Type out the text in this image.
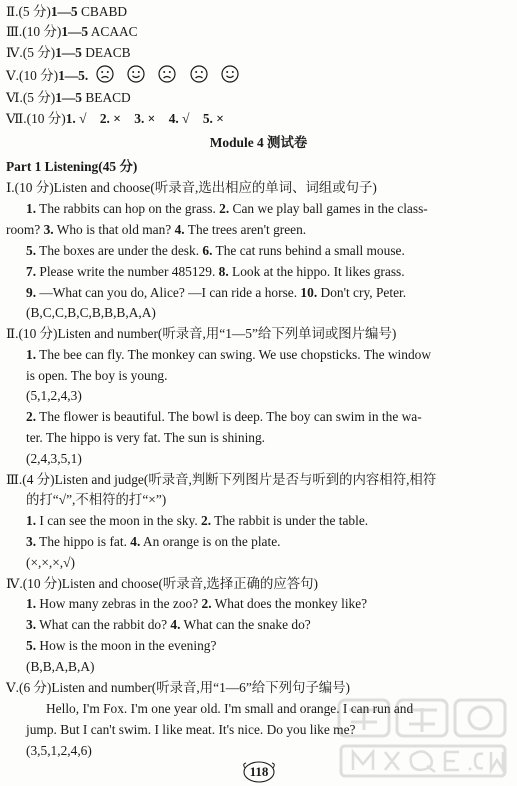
Ⅱ.(5 分)1—5 CBABD
Ⅲ.(10 分)1—5 ACAAC
Ⅳ.(5 分)1—5 DEACB
Ⅴ.(10 分)1—5.
Ⅵ.(5 分)1—5 BEACD
Ⅶ.(10 分)1. √ 2. × 3. × 4. √ 5. ×
Module 4 测试卷
Part 1 Listening(45 分)
Ⅰ.(10 分)Listen and choose(听录音,选出相应的单词、词组或句子)
1. The rabbits can hop on the grass. 2. Can we play ball games in the class-
room? 3. Who is that old man? 4. The trees aren't green.
5. The boxes are under the desk. 6. The cat runs behind a small mouse.
7. Please write the number 485129. 8. Look at the hippo. It likes grass.
9. —What can you do, Alice? —I can ride a horse. 10. Don't cry, Peter.
(B,C,C,B,C,B,B,B,A,A)
Ⅱ.(10 分)Listen and number(听录音,用“1—5”给下列单词或图片编号)
1. The bee can fly. The monkey can swing. We use chopsticks. The window
is open. The boy is young.
(5,1,2,4,3)
2. The flower is beautiful. The bowl is deep. The boy can swim in the wa-
ter. The hippo is very fat. The sun is shining.
(2,4,3,5,1)
Ⅲ.(4 分)Listen and judge(听录音,判断下列图片是否与听到的内容相符,相符
的打“√”,不相符的打“×”)
1. I can see the moon in the sky. 2. The rabbit is under the table.
3. The hippo is fat. 4. An orange is on the plate.
(×,×,×,√)
Ⅳ.(10 分)Listen and choose(听录音,选择正确的应答句)
1. How many zebras in the zoo? 2. What does the monkey like?
3. What can the rabbit do? 4. What can the snake do?
5. How is the moon in the evening?
(B,B,A,B,A)
Ⅴ.(6 分)Listen and number(听录音,用“1—6”给下列句子编号)
Hello, I'm Fox. I'm one year old. I'm small and orange. I can run and
jump. But I can't swim. I like meat. It's nice. Do you like me?
(3,5,1,2,4,6)
118
